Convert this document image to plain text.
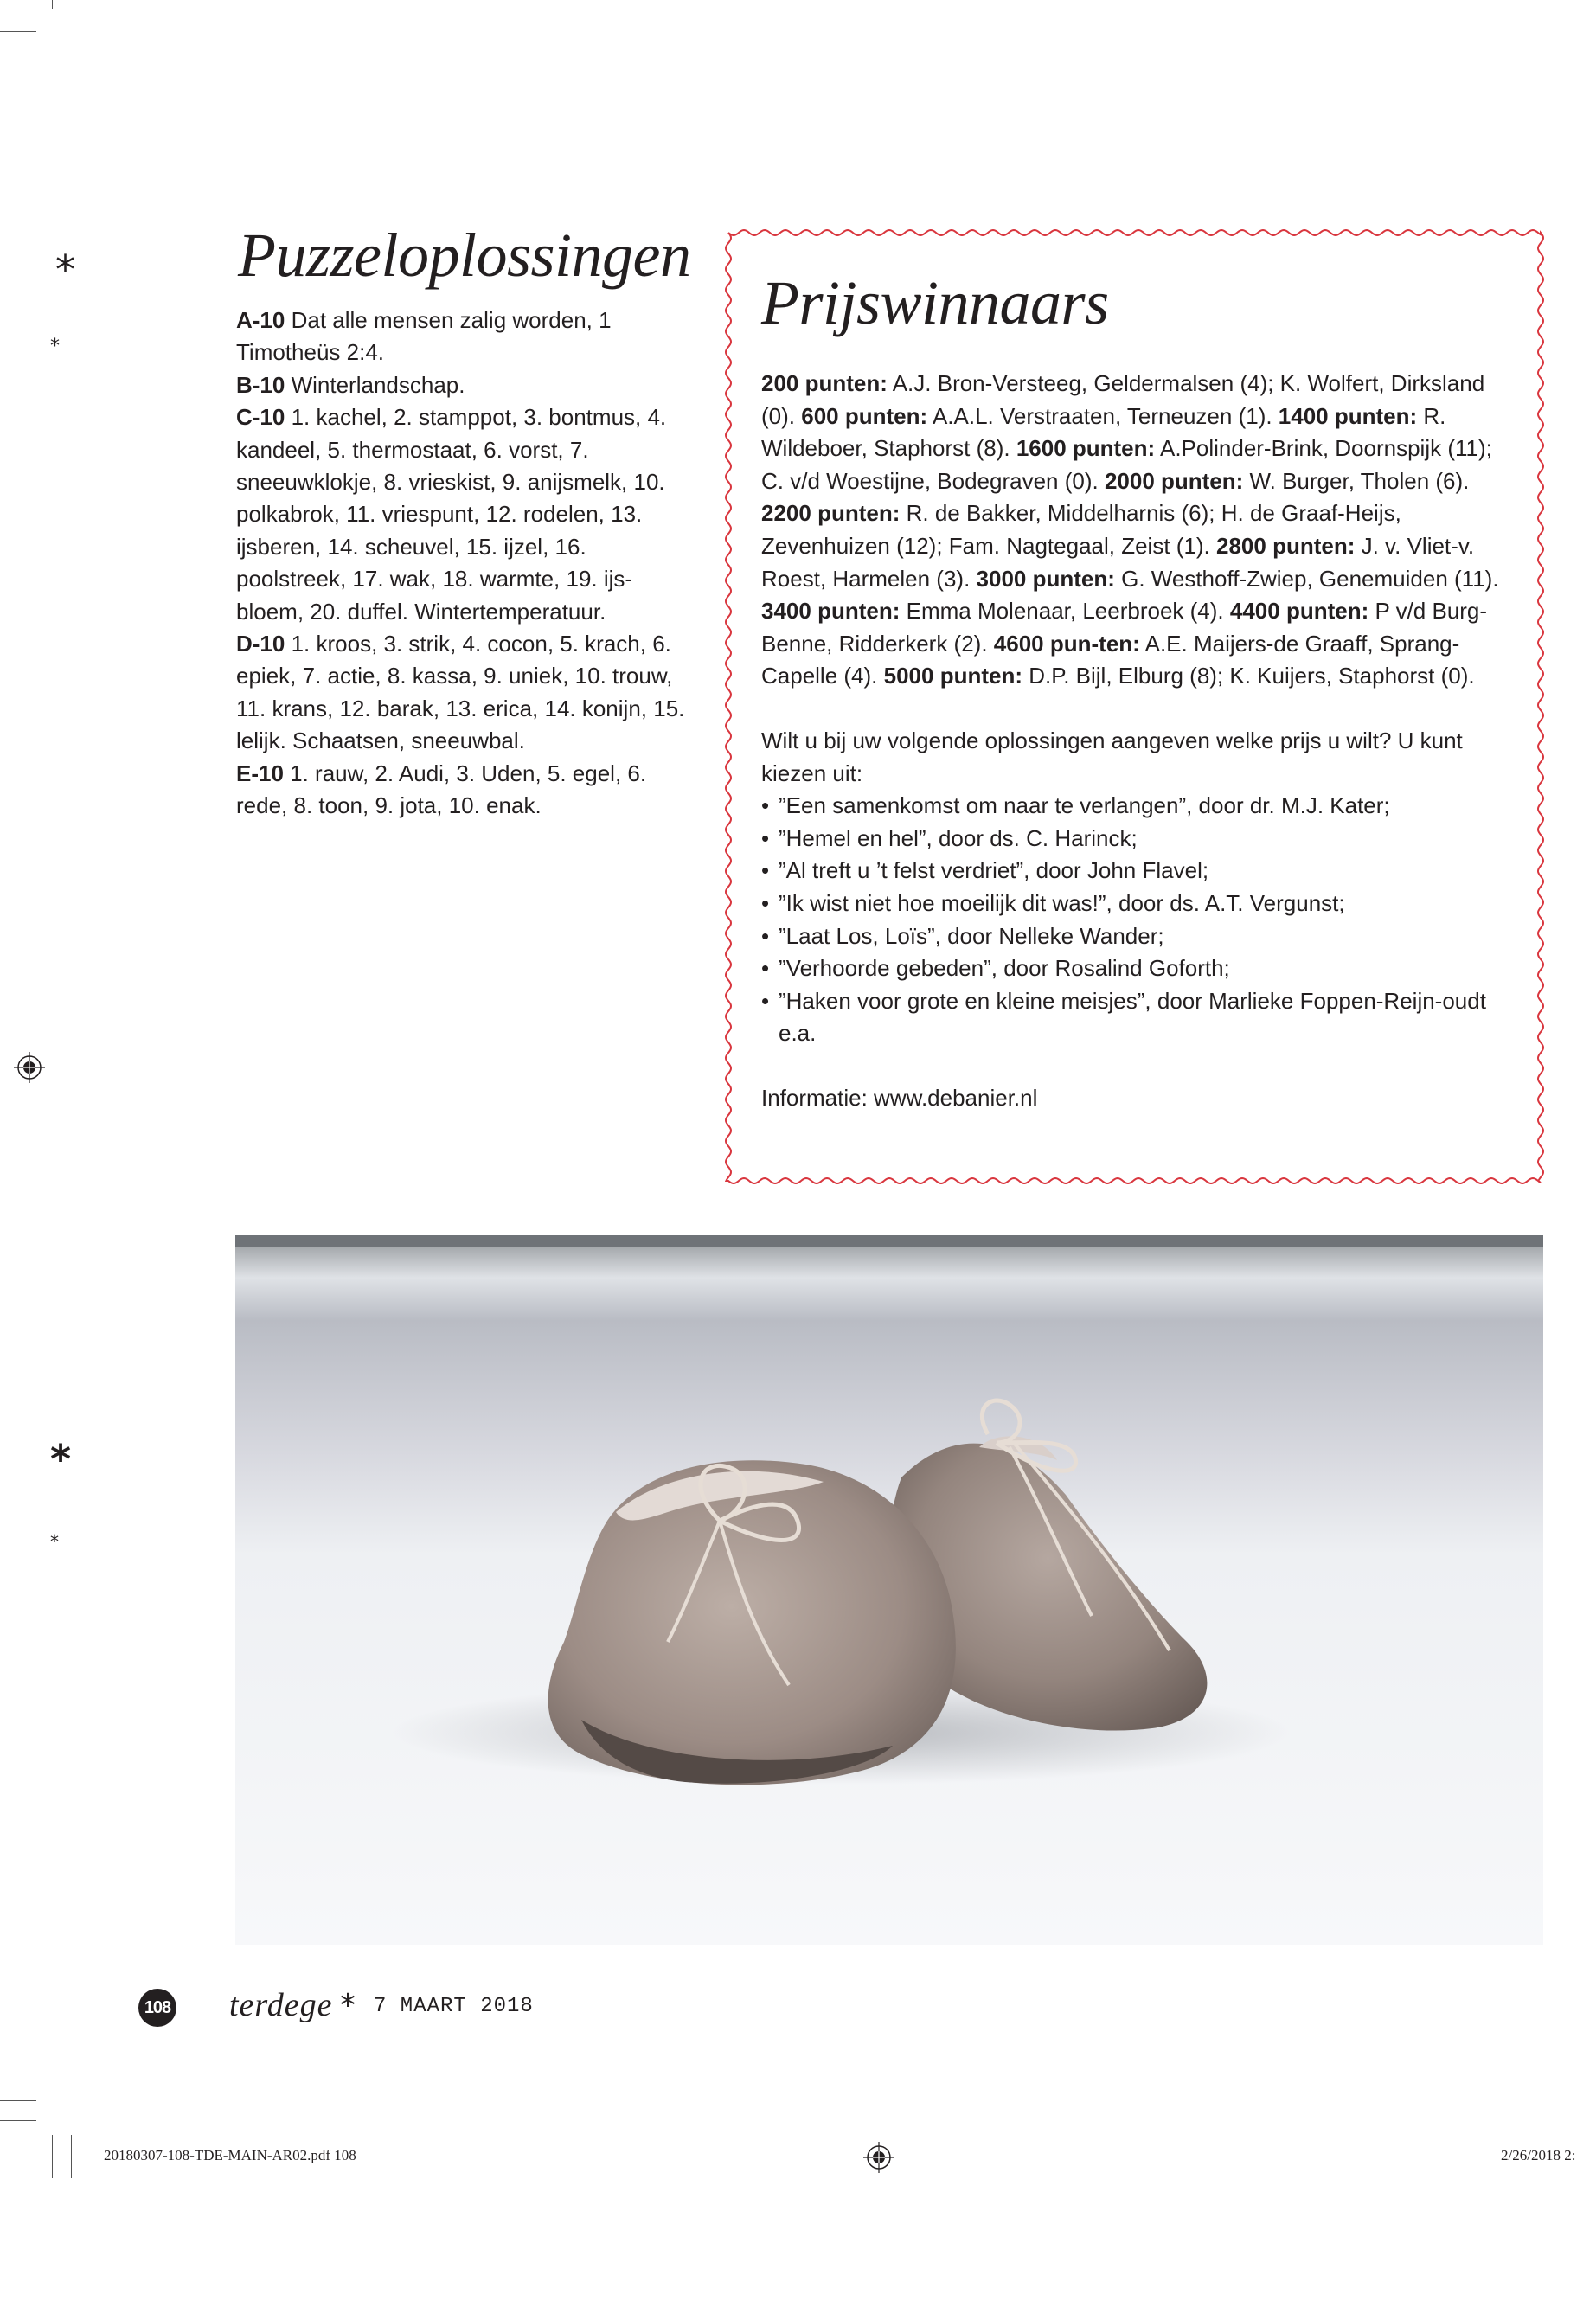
*
*
*
*
Puzzeloplossingen
A-10 Dat alle mensen zalig worden, 1 Timotheüs 2:4.
B-10 Winterlandschap.
C-10 1. kachel, 2. stamppot, 3. bontmus, 4. kandeel, 5. thermostaat, 6. vorst, 7. sneeuwklokje, 8. vrieskist, 9. anijsmelk, 10. polkabrok, 11. vriespunt, 12. rodelen, 13. ijsberen, 14. scheuvel, 15. ijzel, 16. poolstreek, 17. wak, 18. warmte, 19. ijs-bloem, 20. duffel. Wintertemperatuur.
D-10 1. kroos, 3. strik, 4. cocon, 5. krach, 6. epiek, 7. actie, 8. kassa, 9. uniek, 10. trouw, 11. krans, 12. barak, 13. erica, 14. konijn, 15. lelijk. Schaatsen, sneeuwbal.
E-10 1. rauw, 2. Audi, 3. Uden, 5. egel, 6. rede, 8. toon, 9. jota, 10. enak.
Prijswinnaars

200 punten: A.J. Bron-Versteeg, Geldermalsen (4); K. Wolfert, Dirksland (0). 600 punten: A.A.L. Verstraaten, Terneuzen (1). 1400 punten: R. Wildeboer, Staphorst (8). 1600 punten: A.Polinder-Brink, Doornspijk (11); C. v/d Woestijne, Bodegraven (0). 2000 punten: W. Burger, Tholen (6). 2200 punten: R. de Bakker, Middelharnis (6); H. de Graaf-Heijs, Zevenhuizen (12); Fam. Nagtegaal, Zeist (1). 2800 punten: J. v. Vliet-v. Roest, Harmelen (3). 3000 punten: G. Westhoff-Zwiep, Genemuiden (11). 3400 punten: Emma Molenaar, Leerbroek (4). 4400 punten: P v/d Burg-Benne, Ridderkerk (2). 4600 pun-ten: A.E. Maijers-de Graaff, Sprang-Capelle (4). 5000 punten: D.P. Bijl, Elburg (8); K. Kuijers, Staphorst (0).

Wilt u bij uw volgende oplossingen aangeven welke prijs u wilt? U kunt kiezen uit:

• ”Een samenkomst om naar te verlangen”, door dr. M.J. Kater;
• ”Hemel en hel”, door ds. C. Harinck;
• ”Al treft u ’t felst verdriet”, door John Flavel;
• ”Ik wist niet hoe moeilijk dit was!”, door ds. A.T. Vergunst;
• ”Laat Los, Loïs”, door Nelleke Wander;
• ”Verhoorde gebeden”, door Rosalind Goforth;
• ”Haken voor grote en kleine meisjes”, door Marlieke Foppen-Reijn-oudt e.a.

Informatie: www.debanier.nl

108 terdege * 7 MAART 2018
20180307-108-TDE-MAIN-AR02.pdf 108	2/26/2018 2:
